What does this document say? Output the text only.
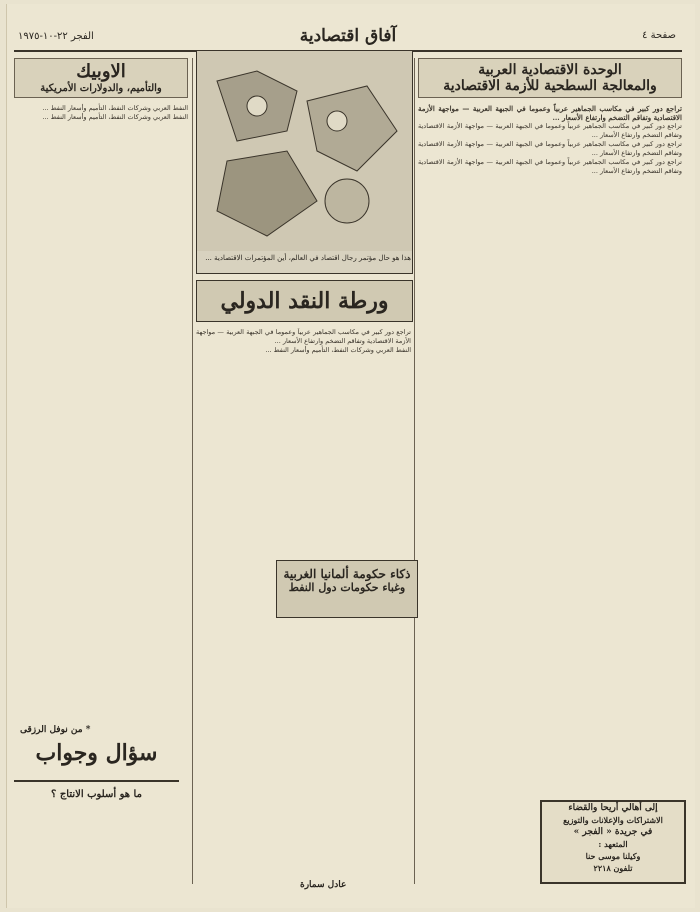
صفحة ٤
آفاق اقتصادية
الفجر ٢٢-١٠-١٩٧٥
الوحدة الاقتصادية العربية
والمعالجة السطحية للأزمة الاقتصادية

تراجع دور كبير في مكاسب الجماهير عربياً وعموما في الجبهة العربية — مواجهة الأزمة الاقتصادية وتفاقم التضخم وارتفاع الأسعار ...

تراجع دور كبير في مكاسب الجماهير عربياً وعموما في الجبهة العربية — مواجهة الأزمة الاقتصادية وتفاقم التضخم وارتفاع الأسعار ...

تراجع دور كبير في مكاسب الجماهير عربياً وعموما في الجبهة العربية — مواجهة الأزمة الاقتصادية وتفاقم التضخم وارتفاع الأسعار ...

تراجع دور كبير في مكاسب الجماهير عربياً وعموما في الجبهة العربية — مواجهة الأزمة الاقتصادية وتفاقم التضخم وارتفاع الأسعار ...

الاوبيك
والتأميم، والدولارات الأمريكية

النفط العربي وشركات النفط، التأميم وأسعار النفط ...

النفط العربي وشركات النفط، التأميم وأسعار النفط ...

هذا هو حال مؤتمر رجال اقتصاد في العالم، أين المؤتمرات الاقتصادية ...
ورطة النقد الدولي

تراجع دور كبير في مكاسب الجماهير عربياً وعموما في الجبهة العربية — مواجهة الأزمة الاقتصادية وتفاقم التضخم وارتفاع الأسعار ...

النفط العربي وشركات النفط، التأميم وأسعار النفط ...

ذكاء حكومة ألمانيا الغربية
وغباء حكومات دول النفط
عادل سمارة
سؤال وجواب
ما هو أسلوب الانتاج ؟
* من نوفل الرزقى
إلى أهالي أريحا والقضاء
الاشتراكات والإعلانات والتوزيع
في جريدة « الفجر »
المتعهد :
وكيلنا موسى حنا
تلفون ٢٢١٨
